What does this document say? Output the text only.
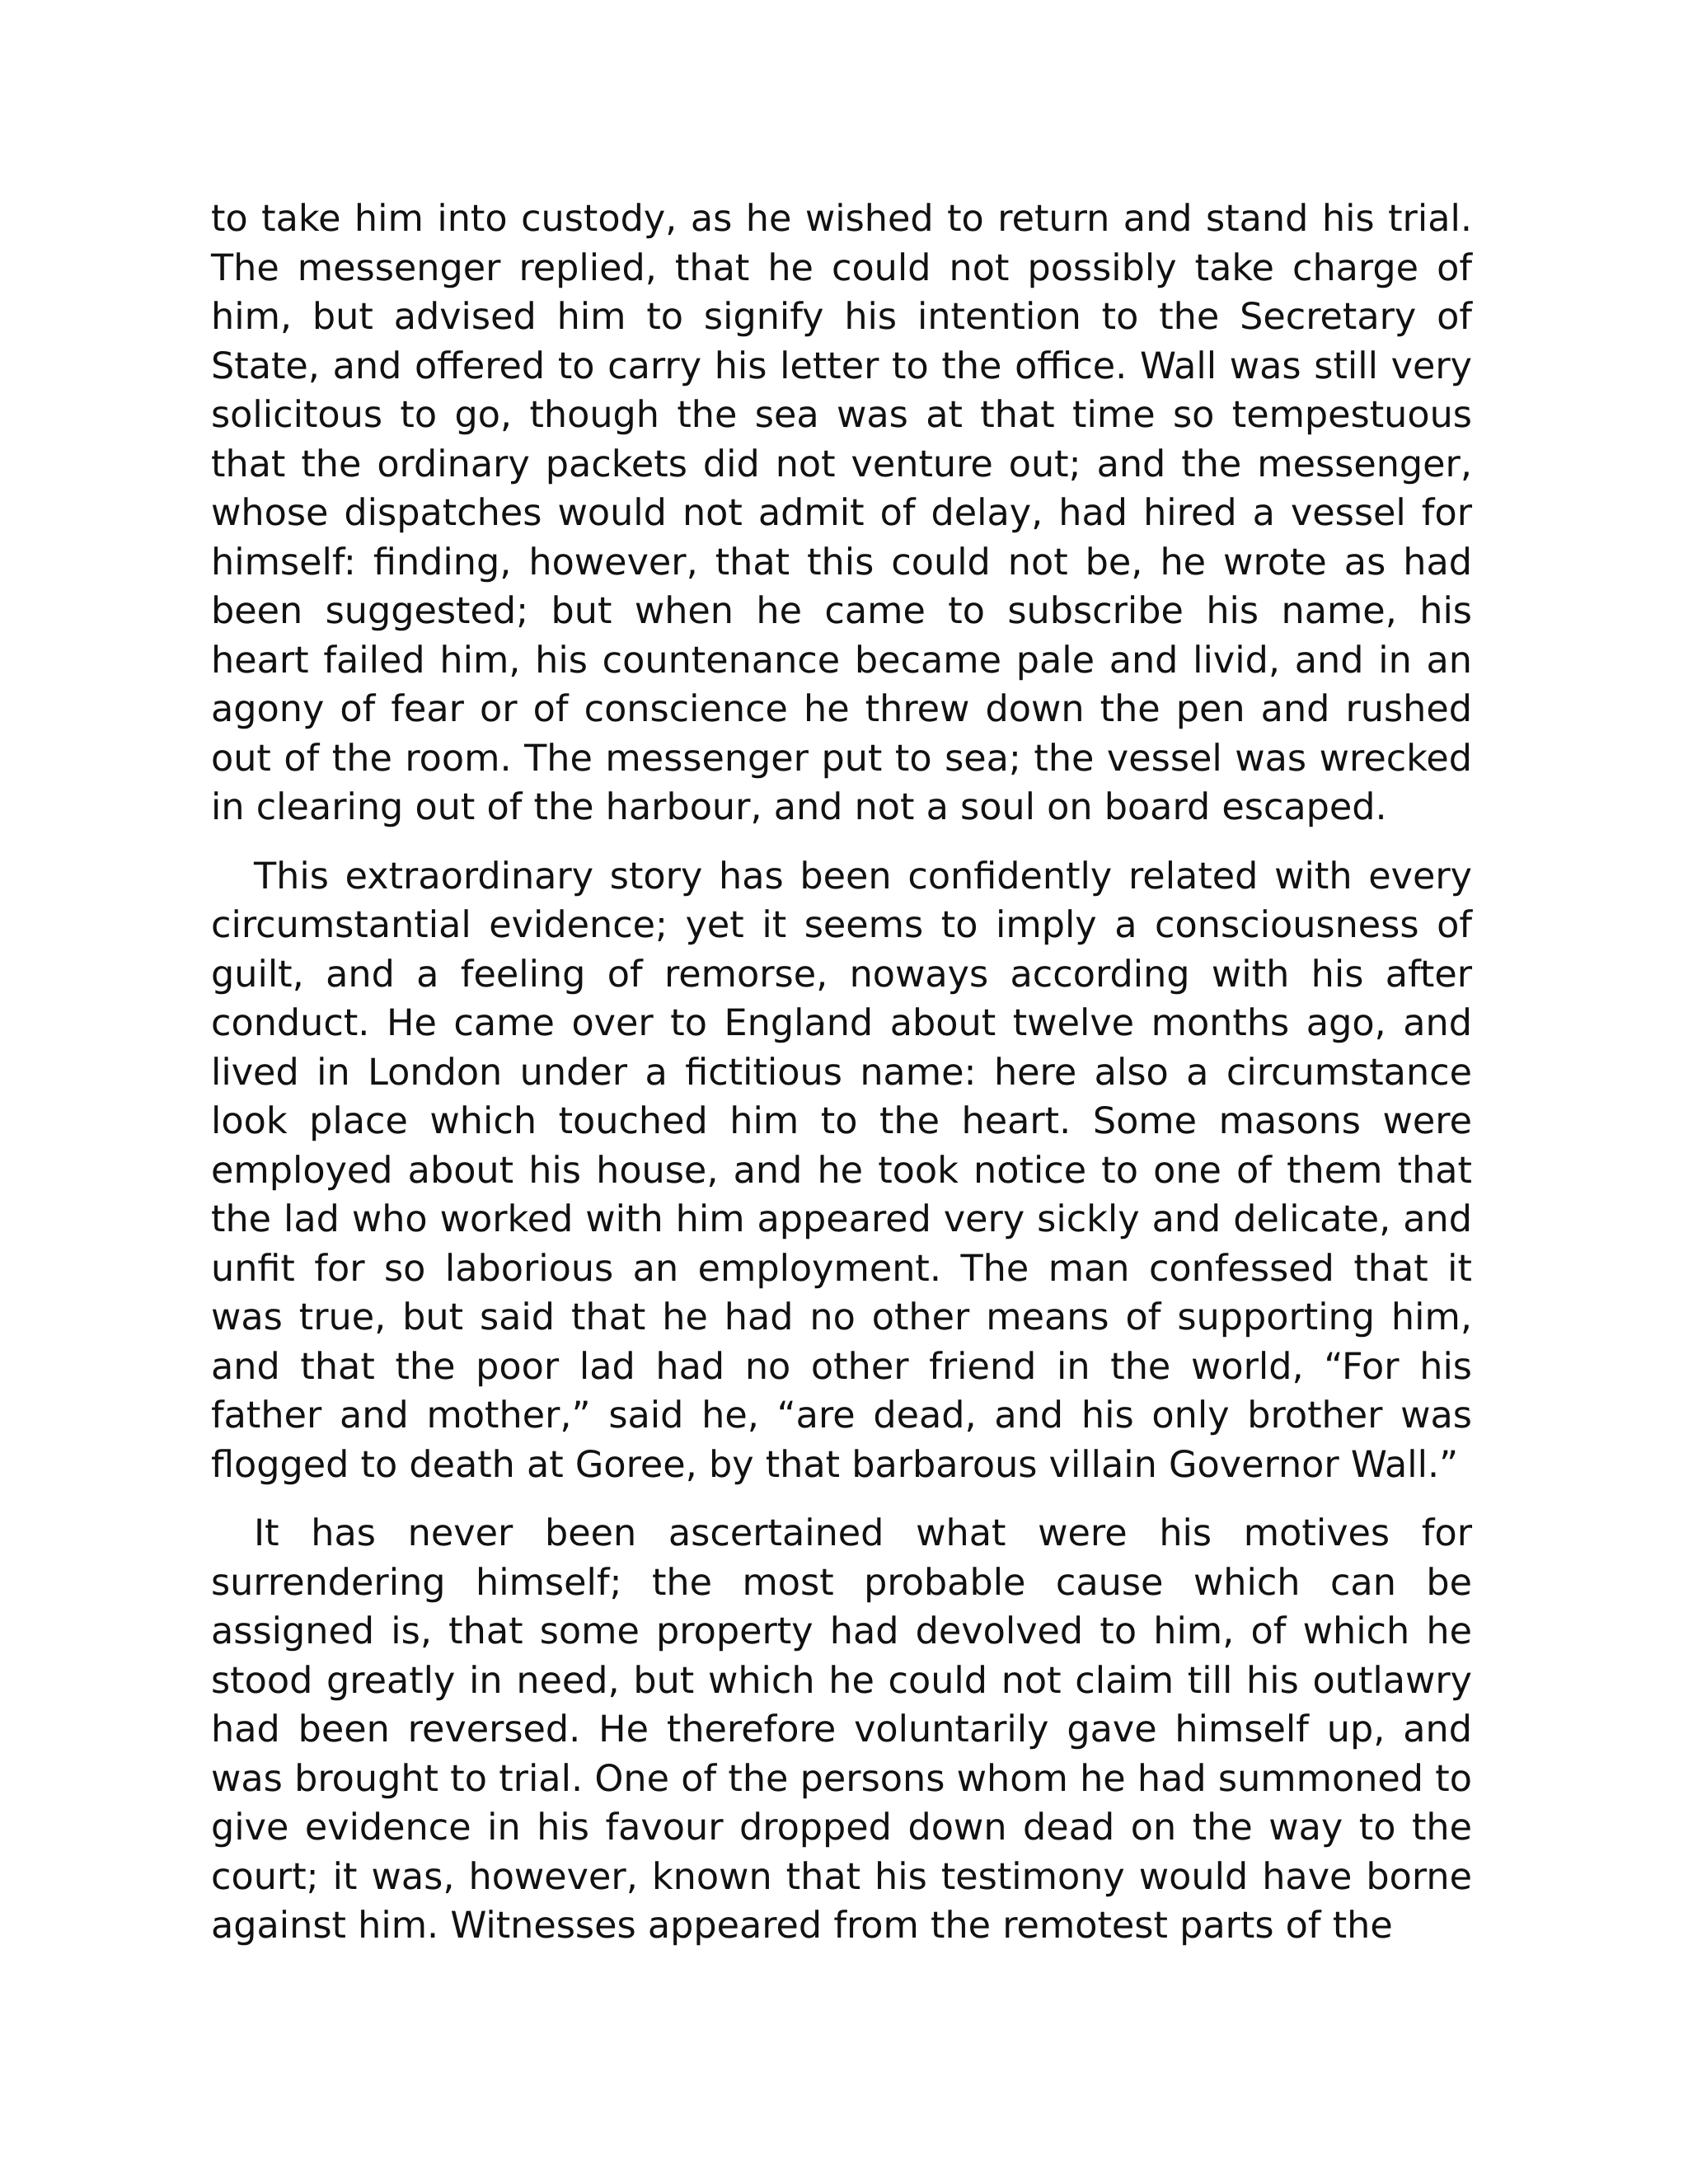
to take him into custody, as he wished to return and stand his trial. The messenger replied, that he could not possibly take charge of him, but advised him to signify his intention to the Secretary of State, and offered to carry his letter to the office. Wall was still very solicitous to go, though the sea was at that time so tempestuous that the ordinary packets did not venture out; and the messenger, whose dispatches would not admit of delay, had hired a vessel for himself: finding, however, that this could not be, he wrote as had been suggested; but when he came to subscribe his name, his heart failed him, his countenance became pale and livid, and in an agony of fear or of conscience he threw down the pen and rushed out of the room. The messenger put to sea; the vessel was wrecked in clearing out of the harbour, and not a soul on board escaped.

This extraordinary story has been confidently related with every circumstantial evidence; yet it seems to imply a consciousness of guilt, and a feeling of remorse, noways according with his after conduct. He came over to England about twelve months ago, and lived in London under a fictitious name: here also a circumstance look place which touched him to the heart. Some masons were employed about his house, and he took notice to one of them that the lad who worked with him appeared very sickly and delicate, and unfit for so laborious an employment. The man confessed that it was true, but said that he had no other means of supporting him, and that the poor lad had no other friend in the world, “For his father and mother,” said he, “are dead, and his only brother was flogged to death at Goree, by that barbarous villain Governor Wall.”

It has never been ascertained what were his motives for surrendering himself; the most probable cause which can be assigned is, that some property had devolved to him, of which he stood greatly in need, but which he could not claim till his outlawry had been reversed. He therefore voluntarily gave himself up, and was brought to trial. One of the persons whom he had summoned to give evidence in his favour dropped down dead on the way to the court; it was, however, known that his testimony would have borne against him. Witnesses appeared from the remotest parts of the
